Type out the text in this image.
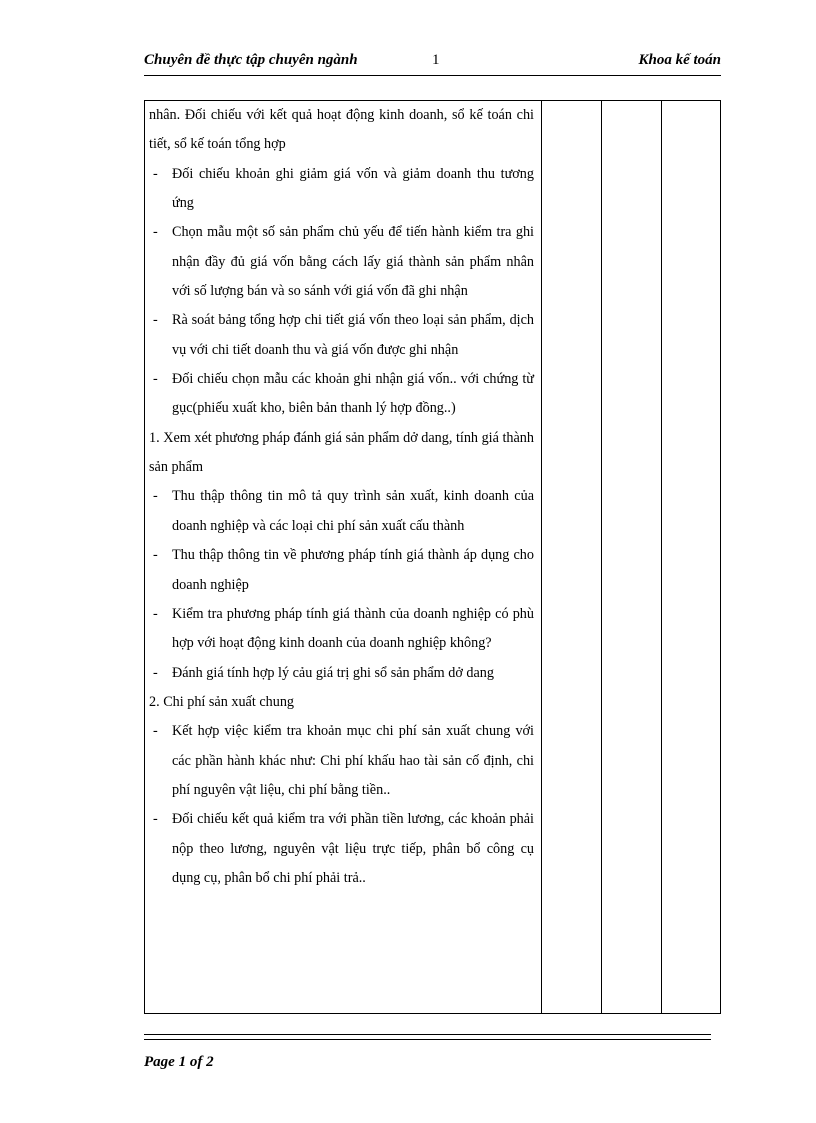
Chuyên đề thực tập chuyên ngành	1	Khoa kế toán

nhân. Đối chiếu với kết quả hoạt động kinh doanh, sổ kế toán chi tiết, sổ kế toán tổng hợp

- Đối chiếu khoản ghi giảm giá vốn và giảm doanh thu tương ứng

- Chọn mẫu một số sản phẩm chủ yếu để tiến hành kiểm tra ghi nhận đầy đủ giá vốn bằng cách lấy giá thành sản phẩm nhân với số lượng bán và so sánh với giá vốn đã ghi nhận

- Rà soát bảng tổng hợp chi tiết giá vốn theo loại sản phẩm, dịch vụ với chi tiết doanh thu và giá vốn được ghi nhận

- Đối chiếu chọn mẫu các khoản ghi nhận giá vốn.. với chứng từ gục(phiếu xuất kho, biên bản thanh lý hợp đồng..)

1. Xem xét phương pháp đánh giá sản phẩm dở dang, tính giá thành sản phẩm

- Thu thập thông tin mô tả quy trình sản xuất, kinh doanh của doanh nghiệp và các loại chi phí sản xuất cấu thành

- Thu thập thông tin về phương pháp tính giá thành áp dụng cho doanh nghiệp

- Kiểm tra phương pháp tính giá thành của doanh nghiệp có phù hợp với hoạt động kinh doanh của doanh nghiệp không?

- Đánh giá tính hợp lý cảu giá trị ghi sổ sản phẩm dở dang

2. Chi phí sản xuất chung

- Kết hợp việc kiểm tra khoản mục chi phí sản xuất chung với các phần hành khác như: Chi phí khấu hao tài sản cố định, chi phí nguyên vật liệu, chi phí bằng tiền..

- Đối chiếu kết quả kiểm tra với phần tiền lương, các khoản phải nộp theo lương, nguyên vật liệu trực tiếp, phân bổ công cụ dụng cụ, phân bổ chi phí phải trả..

Page 1 of 2
